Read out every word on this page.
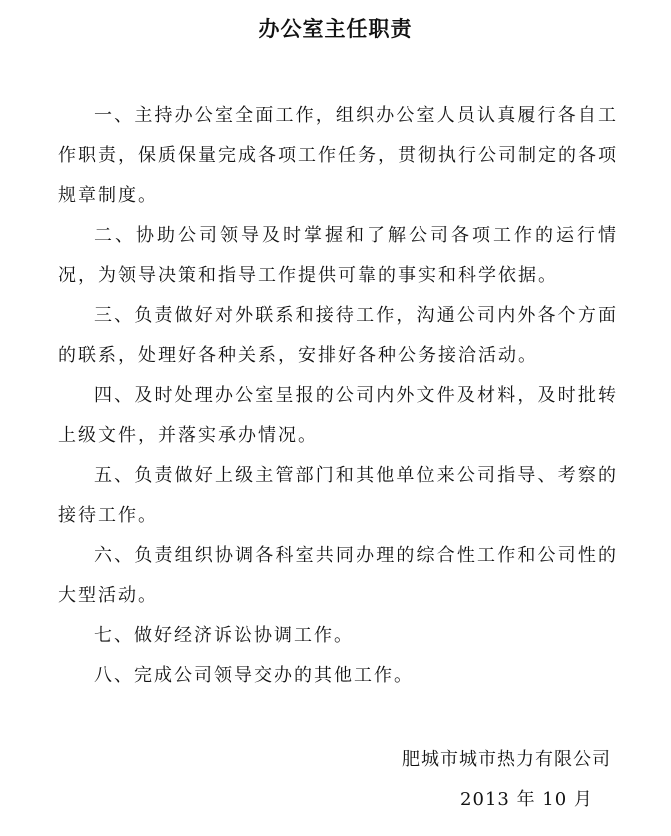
办公室主任职责

一、主持办公室全面工作，组织办公室人员认真履行各自工作职责，保质保量完成各项工作任务，贯彻执行公司制定的各项规章制度。

二、协助公司领导及时掌握和了解公司各项工作的运行情况，为领导决策和指导工作提供可靠的事实和科学依据。

三、负责做好对外联系和接待工作，沟通公司内外各个方面的联系，处理好各种关系，安排好各种公务接洽活动。

四、及时处理办公室呈报的公司内外文件及材料，及时批转上级文件，并落实承办情况。

五、负责做好上级主管部门和其他单位来公司指导、考察的接待工作。

六、负责组织协调各科室共同办理的综合性工作和公司性的大型活动。

七、做好经济诉讼协调工作。

八、完成公司领导交办的其他工作。

肥城市城市热力有限公司
2013 年 10 月
